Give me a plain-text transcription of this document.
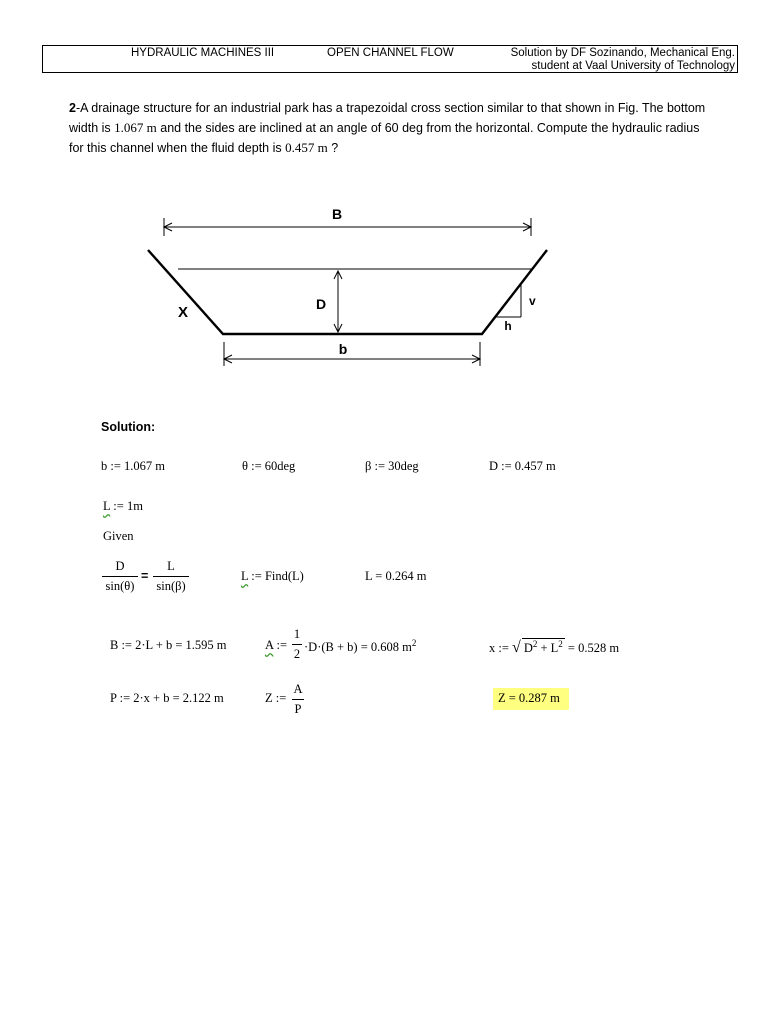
HYDRAULIC MACHINES III	OPEN CHANNEL FLOW	Solution by DF Sozinando, Mechanical Eng.
student at Vaal University of Technology
2-A drainage structure for an industrial park has a trapezoidal cross section similar to that shown in Fig. The bottom width is 1.067 m and the sides are inclined at an angle of 60 deg from the horizontal. Compute the hydraulic radius for this channel when the fluid depth is 0.457 m ?
B
D
X
v
h
b
Solution:
b := 1.067 m	θ := 60deg	β := 30deg	D := 0.457 m
L := 1m
Given
D
sin(θ)
=
L
sin(β)
L := Find(L)	L = 0.264 m
B := 2·L + b = 1.595 m	A :=
1
2 ·D·(B + b) = 0.608 $m^2$	x := √ $D^2 + L^2 = 0.528$ m
P := 2·x + b = 2.122 m	Z :=
A
P
Z = 0.287 m
